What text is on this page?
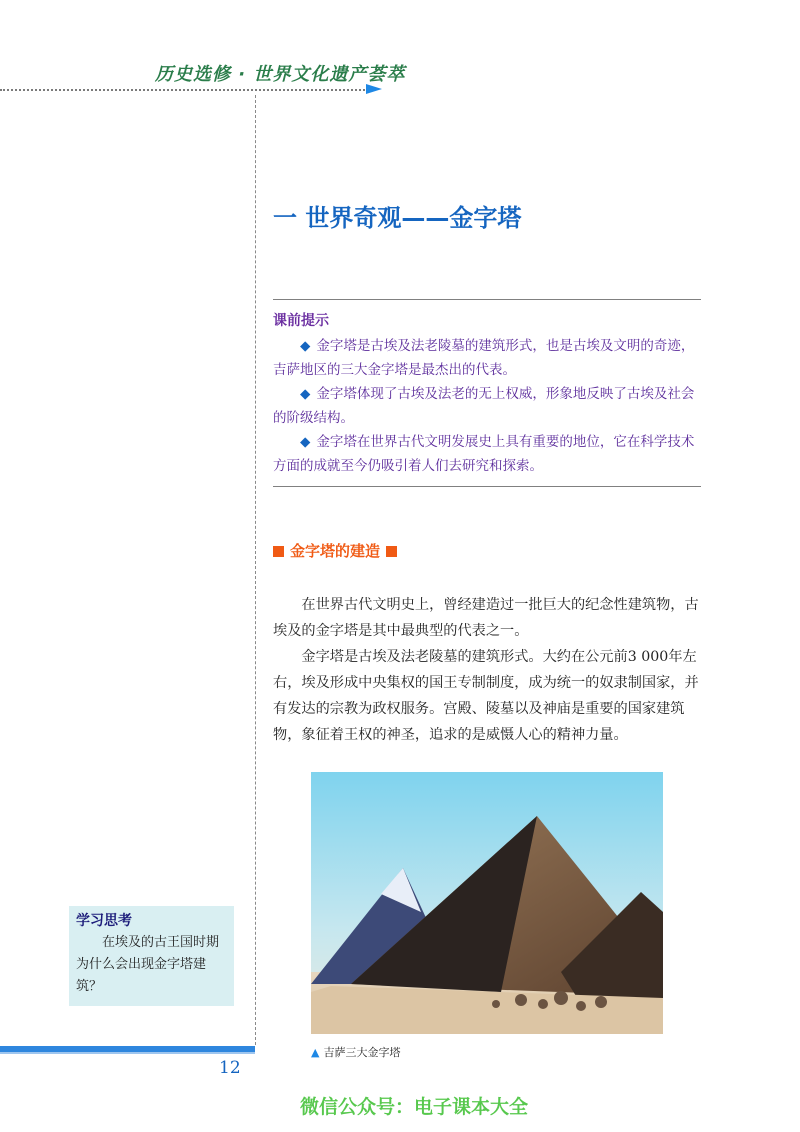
历史选修 · 世界文化遗产荟萃
一 世界奇观——金字塔
课前提示

◆ 金字塔是古埃及法老陵墓的建筑形式，也是古埃及文明的奇迹，吉萨地区的三大金字塔是最杰出的代表。

◆ 金字塔体现了古埃及法老的无上权威，形象地反映了古埃及社会的阶级结构。

◆ 金字塔在世界古代文明发展史上具有重要的地位，它在科学技术方面的成就至今仍吸引着人们去研究和探索。

金字塔的建造

在世界古代文明史上，曾经建造过一批巨大的纪念性建筑物，古埃及的金字塔是其中最典型的代表之一。

金字塔是古埃及法老陵墓的建筑形式。大约在公元前3 000年左右，埃及形成中央集权的国王专制制度，成为统一的奴隶制国家，并有发达的宗教为政权服务。宫殿、陵墓以及神庙是重要的国家建筑物，象征着王权的神圣，追求的是威慑人心的精神力量。

▲ 吉萨三大金字塔
学习思考

在埃及的古王国时期为什么会出现金字塔建筑？

12
微信公众号：电子课本大全
